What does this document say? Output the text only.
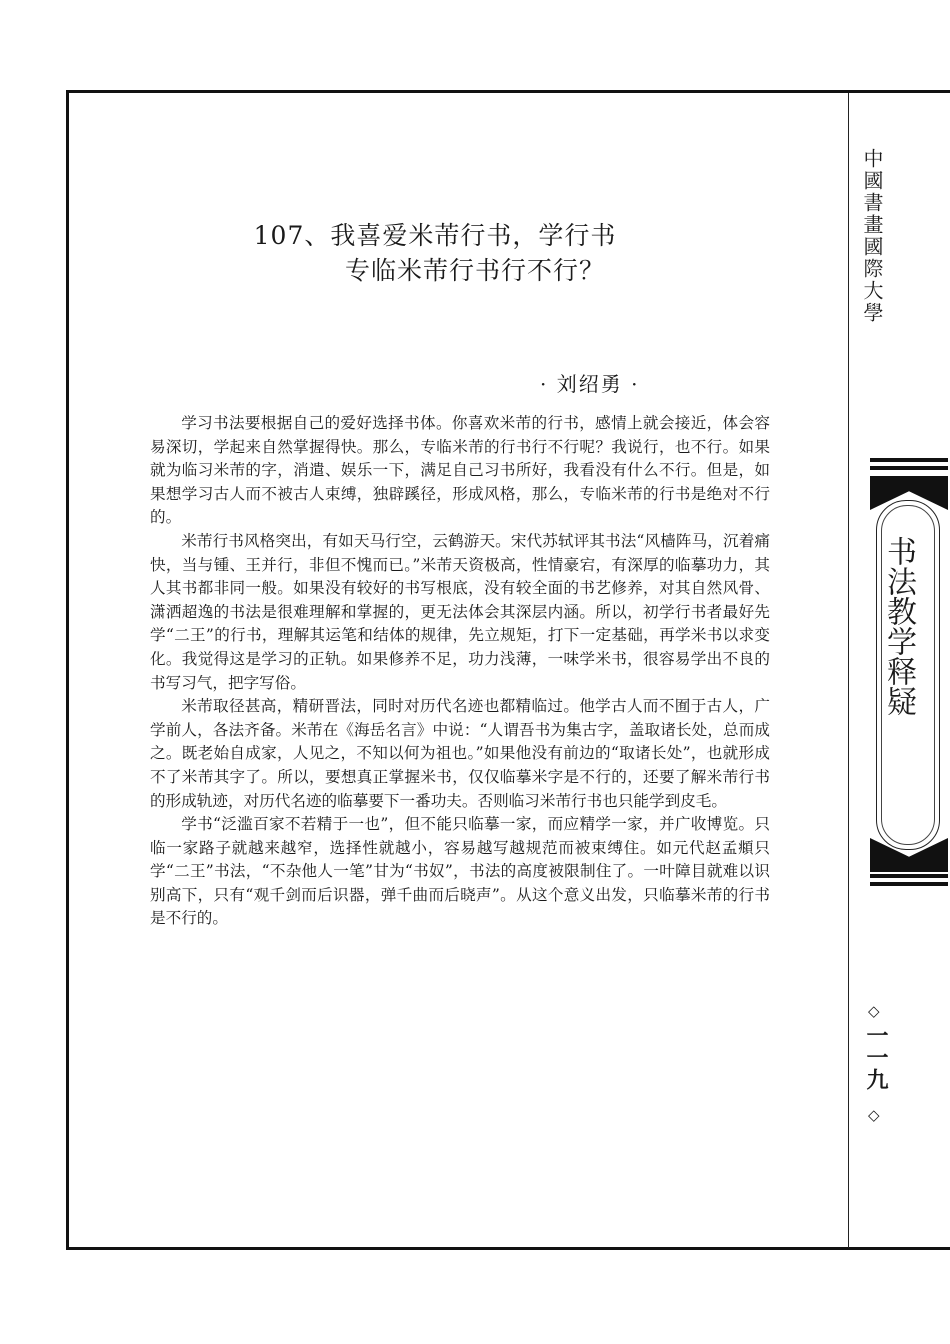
107、我喜爱米芾行书，学行书
专临米芾行书行不行？
· 刘绍勇 ·

学习书法要根据自己的爱好选择书体。你喜欢米芾的行书，感情上就会接近，体会容易深切，学起来自然掌握得快。那么，专临米芾的行书行不行呢？我说行，也不行。如果就为临习米芾的字，消遣、娱乐一下，满足自己习书所好，我看没有什么不行。但是，如果想学习古人而不被古人束缚，独辟蹊径，形成风格，那么，专临米芾的行书是绝对不行的。

米芾行书风格突出，有如天马行空，云鹤游天。宋代苏轼评其书法“风樯阵马，沉着痛快，当与锺、王并行，非但不愧而已。”米芾天资极高，性情豪宕，有深厚的临摹功力，其人其书都非同一般。如果没有较好的书写根底，没有较全面的书艺修养，对其自然风骨、潇洒超逸的书法是很难理解和掌握的，更无法体会其深层内涵。所以，初学行书者最好先学“二王”的行书，理解其运笔和结体的规律，先立规矩，打下一定基础，再学米书以求变化。我觉得这是学习的正轨。如果修养不足，功力浅薄，一味学米书，很容易学出不良的书写习气，把字写俗。

米芾取径甚高，精研晋法，同时对历代名迹也都精临过。他学古人而不囿于古人，广学前人，各法齐备。米芾在《海岳名言》中说：“人谓吾书为集古字，盖取诸长处，总而成之。既老始自成家，人见之，不知以何为祖也。”如果他没有前边的“取诸长处”，也就形成不了米芾其字了。所以，要想真正掌握米书，仅仅临摹米字是不行的，还要了解米芾行书的形成轨迹，对历代名迹的临摹要下一番功夫。否则临习米芾行书也只能学到皮毛。

学书“泛滥百家不若精于一也”，但不能只临摹一家，而应精学一家，并广收博览。只临一家路子就越来越窄，选择性就越小，容易越写越规范而被束缚住。如元代赵孟頫只学“二王”书法，“不杂他人一笔”甘为“书奴”，书法的高度被限制住了。一叶障目就难以识别高下，只有“观千剑而后识器，弹千曲而后晓声”。从这个意义出发，只临摹米芾的行书是不行的。

中國書畫國際大學
书法教学释疑
◇
一一九
◇
